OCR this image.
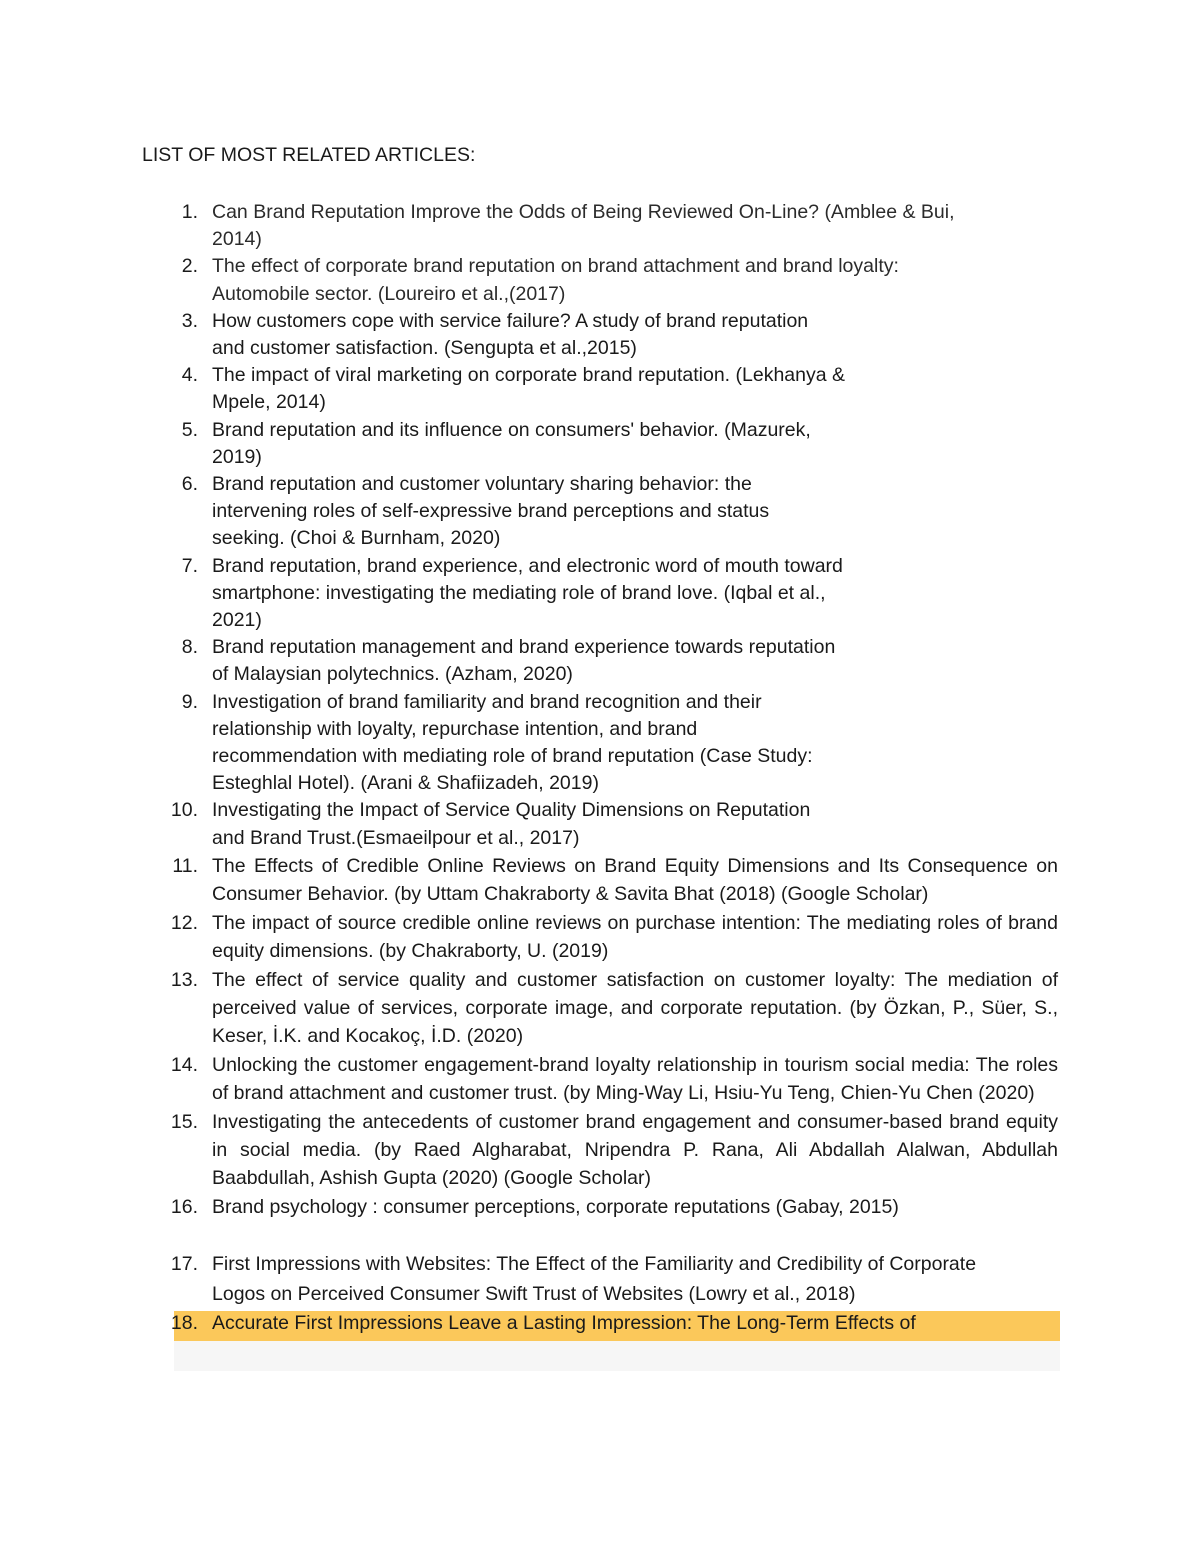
LIST OF MOST RELATED ARTICLES:
1. Can Brand Reputation Improve the Odds of Being Reviewed On-Line? (Amblee & Bui,
2014)
2. The effect of corporate brand reputation on brand attachment and brand loyalty:
Automobile sector. (Loureiro et al.,(2017)
3. How customers cope with service failure? A study of brand reputation
and customer satisfaction. (Sengupta et al.,2015)
4. The impact of viral marketing on corporate brand reputation. (Lekhanya &
Mpele, 2014)
5. Brand reputation and its influence on consumers' behavior. (Mazurek,
2019)
6. Brand reputation and customer voluntary sharing behavior: the
intervening roles of self-expressive brand perceptions and status
seeking. (Choi & Burnham, 2020)
7. Brand reputation, brand experience, and electronic word of mouth toward
smartphone: investigating the mediating role of brand love. (Iqbal et al.,
2021)
8. Brand reputation management and brand experience towards reputation
of Malaysian polytechnics. (Azham, 2020)
9. Investigation of brand familiarity and brand recognition and their
relationship with loyalty, repurchase intention, and brand
recommendation with mediating role of brand reputation (Case Study:
Esteghlal Hotel). (Arani & Shafiizadeh, 2019)
10. Investigating the Impact of Service Quality Dimensions on Reputation
and Brand Trust.(Esmaeilpour et al., 2017)
11. The Effects of Credible Online Reviews on Brand Equity Dimensions and Its Consequence on Consumer Behavior. (by Uttam Chakraborty & Savita Bhat (2018) (Google Scholar)
12. The impact of source credible online reviews on purchase intention: The mediating roles of brand equity dimensions. (by Chakraborty, U. (2019)
13. The effect of service quality and customer satisfaction on customer loyalty: The mediation of perceived value of services, corporate image, and corporate reputation. (by Özkan, P., Süer, S., Keser, İ.K. and Kocakoç, İ.D. (2020)
14. Unlocking the customer engagement-brand loyalty relationship in tourism social media: The roles of brand attachment and customer trust. (by Ming-Way Li, Hsiu-Yu Teng, Chien-Yu Chen (2020)
15. Investigating the antecedents of customer brand engagement and consumer-based brand equity in social media. (by Raed Algharabat, Nripendra P. Rana, Ali Abdallah Alalwan, Abdullah Baabdullah, Ashish Gupta (2020) (Google Scholar)
16. Brand psychology : consumer perceptions, corporate reputations (Gabay, 2015)
17. First Impressions with Websites: The Effect of the Familiarity and Credibility of Corporate
Logos on Perceived Consumer Swift Trust of Websites (Lowry et al., 2018)
18. Accurate First Impressions Leave a Lasting Impression: The Long-Term Effects of
